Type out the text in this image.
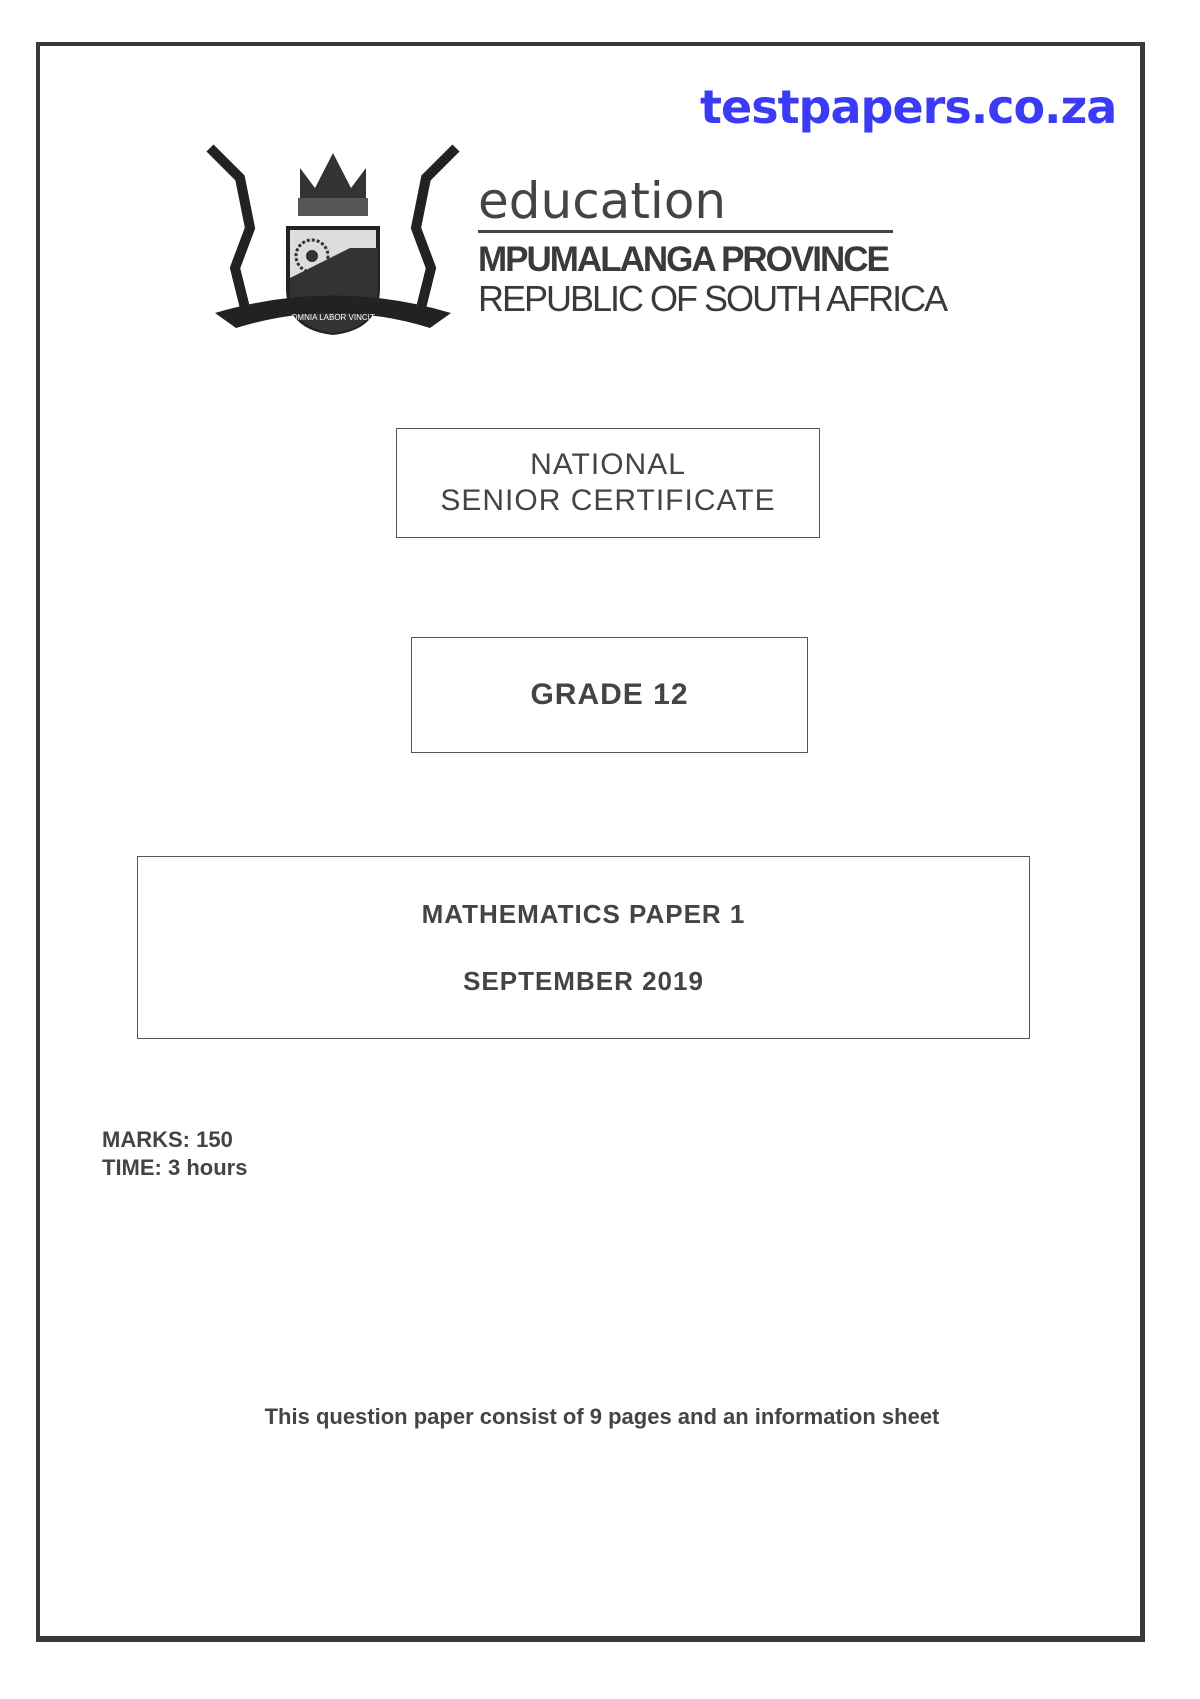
testpapers.co.za
OMNIA LABOR VINCIT
education
MPUMALANGA PROVINCE
REPUBLIC OF SOUTH AFRICA
NATIONAL
SENIOR CERTIFICATE
GRADE 12
MATHEMATICS PAPER 1
SEPTEMBER 2019
MARKS: 150
TIME: 3 hours
This question paper consist of 9 pages and an information sheet
